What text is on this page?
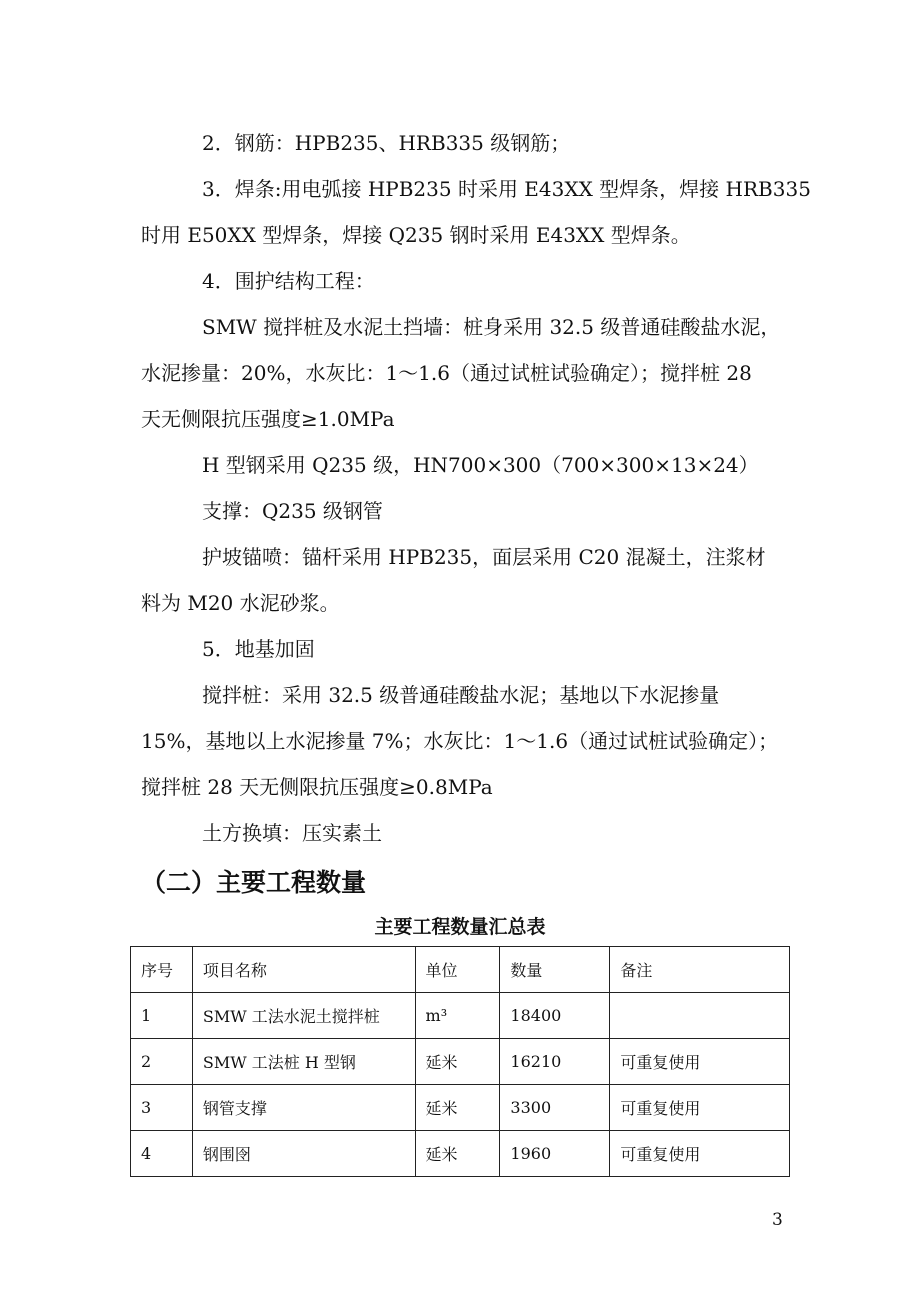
2．钢筋：HPB235、HRB335 级钢筋；
3．焊条:用电弧接 HPB235 时采用 E43XX 型焊条，焊接 HRB335
时用 E50XX 型焊条，焊接 Q235 钢时采用 E43XX 型焊条。
4．围护结构工程：
SMW 搅拌桩及水泥土挡墙：桩身采用 32.5 级普通硅酸盐水泥，
水泥掺量：20%，水灰比：1～1.6（通过试桩试验确定）；搅拌桩 28
天无侧限抗压强度≥1.0MPa
H 型钢采用 Q235 级，HN700×300（700×300×13×24）
支撑：Q235 级钢管
护坡锚喷：锚杆采用 HPB235，面层采用 C20 混凝土，注浆材
料为 M20 水泥砂浆。
5．地基加固
搅拌桩：采用 32.5 级普通硅酸盐水泥；基地以下水泥掺量
15%，基地以上水泥掺量 7%；水灰比：1～1.6（通过试桩试验确定）；
搅拌桩 28 天无侧限抗压强度≥0.8MPa
土方换填：压实素土
（二）主要工程数量
主要工程数量汇总表
序号	项目名称	单位	数量	备注
1	SMW 工法水泥土搅拌桩	m³	18400	
2	SMW 工法桩 H 型钢	延米	16210	可重复使用
3	钢管支撑	延米	3300	可重复使用
4	钢围囹	延米	1960	可重复使用
3
